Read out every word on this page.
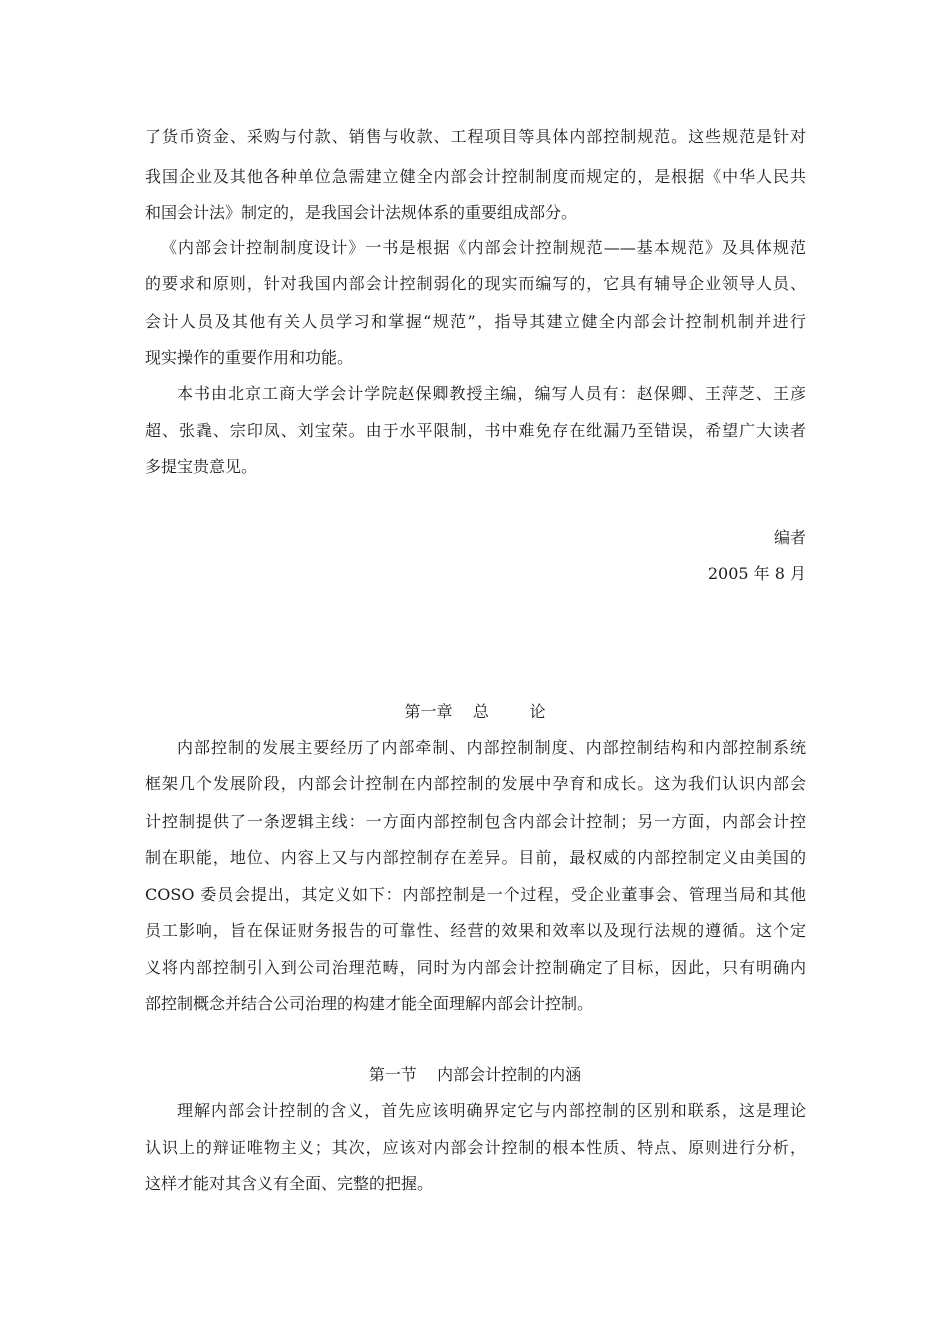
了货币资金、采购与付款、销售与收款、工程项目等具体内部控制规范。这些规范是针对
我国企业及其他各种单位急需建立健全内部会计控制制度而规定的，是根据《中华人民共
和国会计法》制定的，是我国会计法规体系的重要组成部分。
《内部会计控制制度设计》一书是根据《内部会计控制规范——基本规范》及具体规范
的要求和原则，针对我国内部会计控制弱化的现实而编写的，它具有辅导企业领导人员、
会计人员及其他有关人员学习和掌握“规范”，指导其建立健全内部会计控制机制并进行
现实操作的重要作用和功能。
本书由北京工商大学会计学院赵保卿教授主编，编写人员有：赵保卿、王萍芝、王彦
超、张毳、宗印凤、刘宝荣。由于水平限制，书中难免存在纰漏乃至错误，希望广大读者
多提宝贵意见。
编者
2005 年 8 月
第一章    总        论
内部控制的发展主要经历了内部牵制、内部控制制度、内部控制结构和内部控制系统
框架几个发展阶段，内部会计控制在内部控制的发展中孕育和成长。这为我们认识内部会
计控制提供了一条逻辑主线：一方面内部控制包含内部会计控制；另一方面，内部会计控
制在职能，地位、内容上又与内部控制存在差异。目前，最权威的内部控制定义由美国的
COSO 委员会提出，其定义如下：内部控制是一个过程，受企业董事会、管理当局和其他
员工影响，旨在保证财务报告的可靠性、经营的效果和效率以及现行法规的遵循。这个定
义将内部控制引入到公司治理范畴，同时为内部会计控制确定了目标，因此，只有明确内
部控制概念并结合公司治理的构建才能全面理解内部会计控制。
第一节    内部会计控制的内涵
理解内部会计控制的含义，首先应该明确界定它与内部控制的区别和联系，这是理论
认识上的辩证唯物主义；其次，应该对内部会计控制的根本性质、特点、原则进行分析，
这样才能对其含义有全面、完整的把握。
